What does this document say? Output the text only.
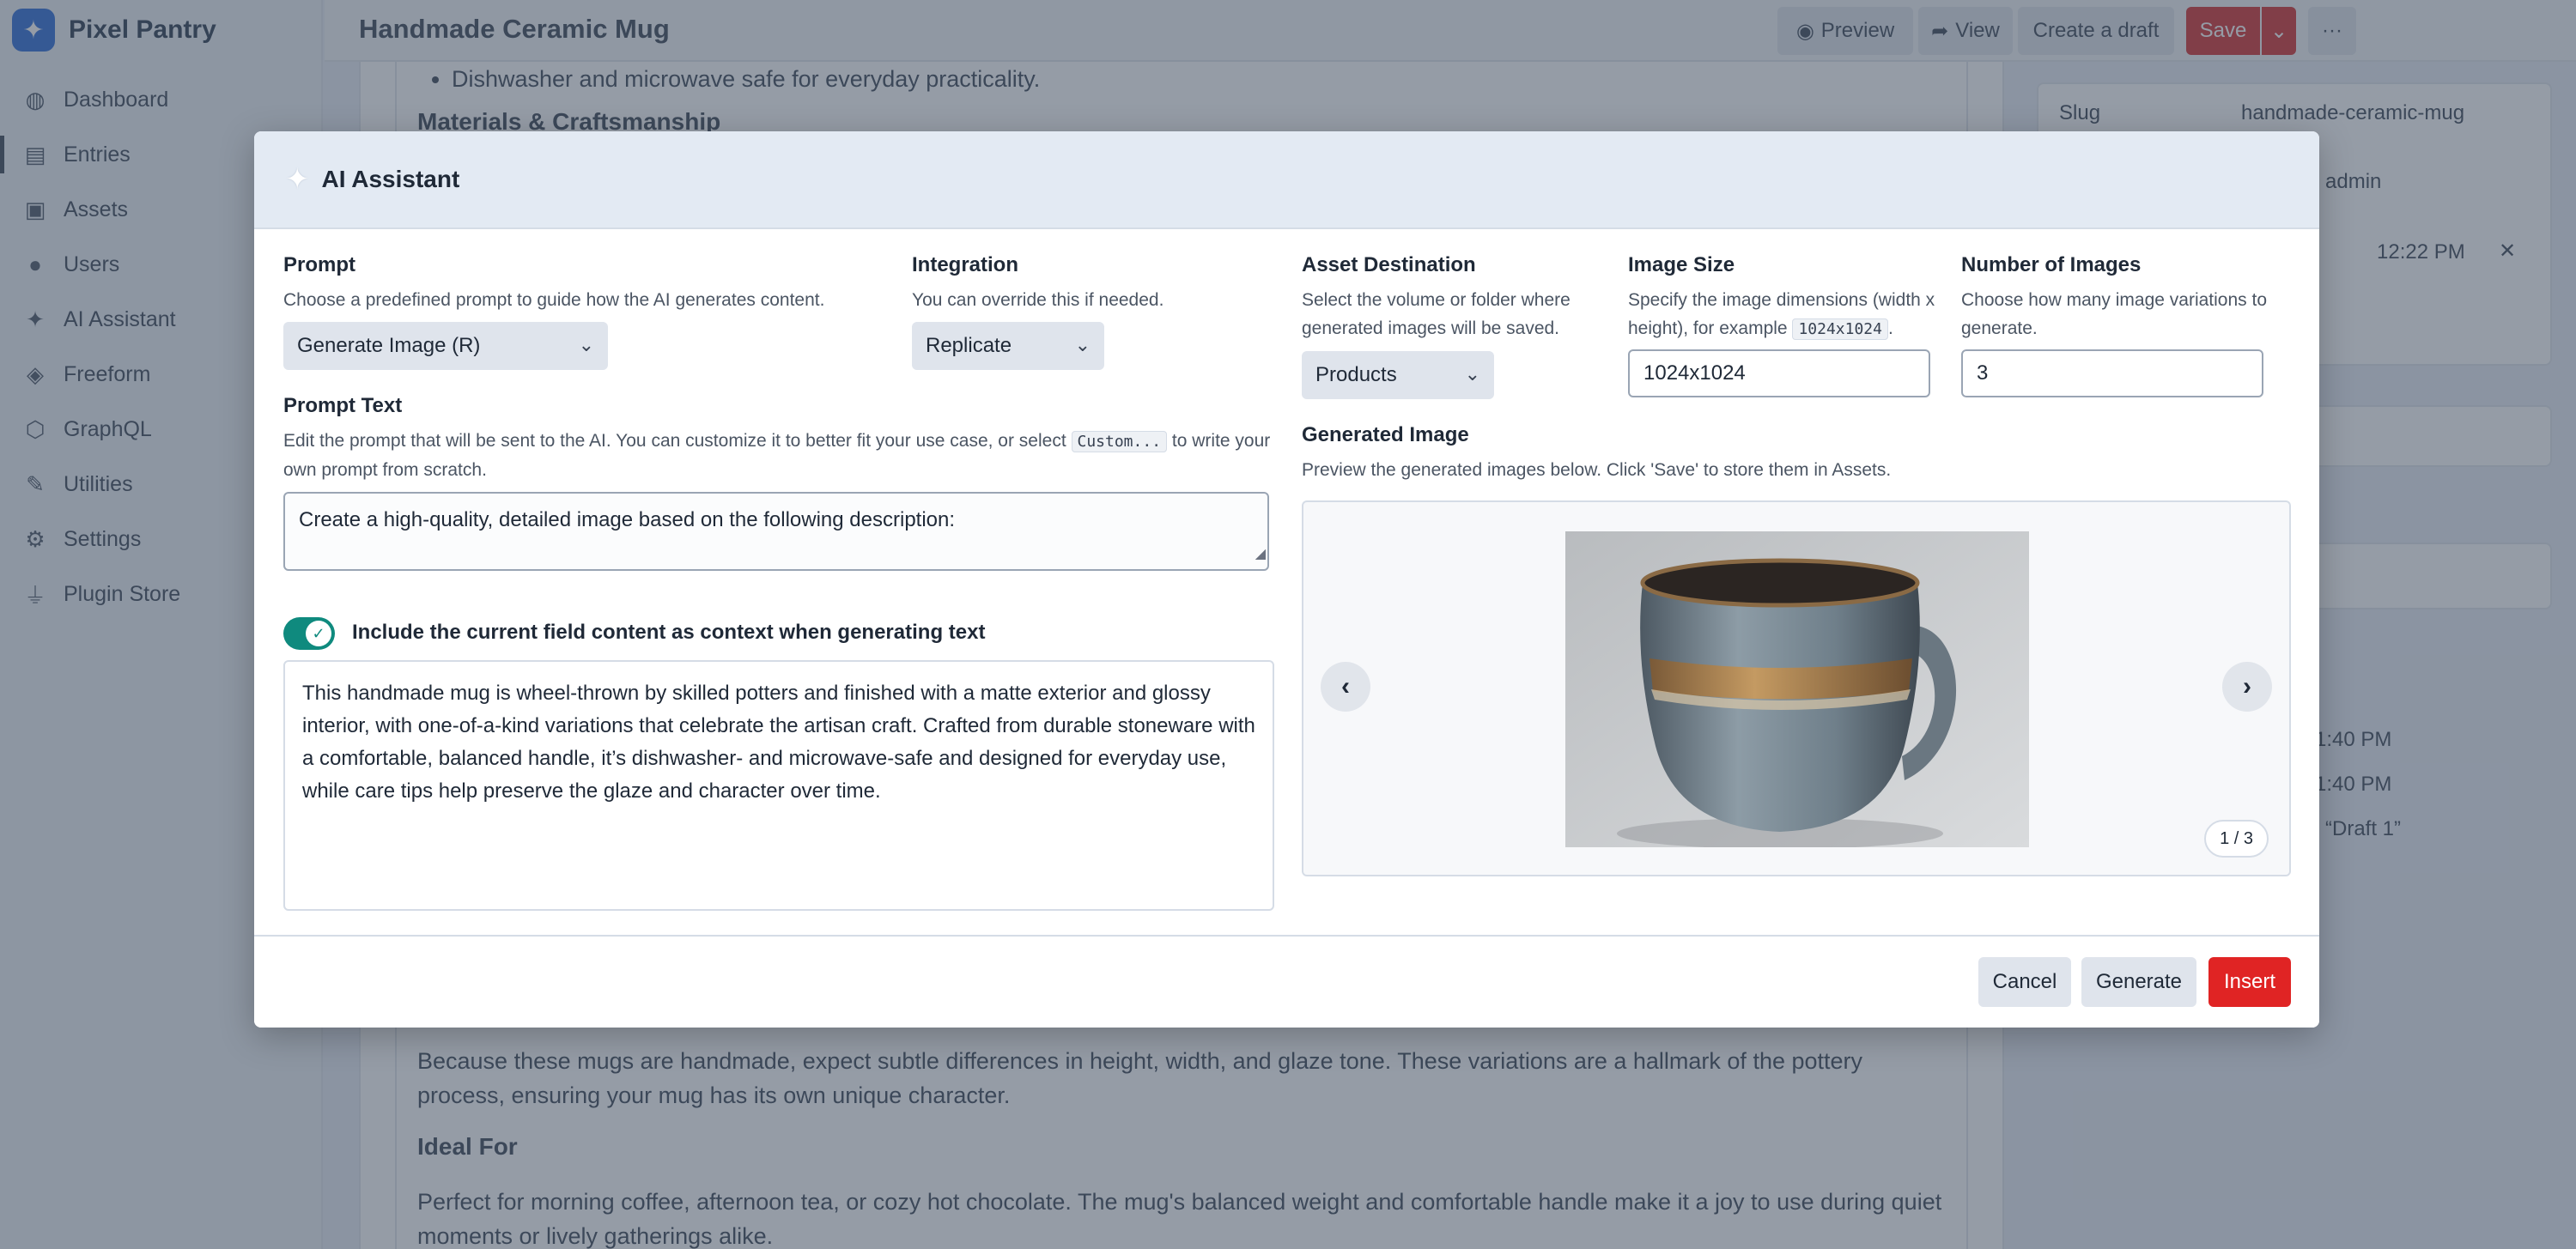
•
✦ AI Assistant
Prompt
Choose a predefined prompt to guide how the AI generates content.
Generate Image (R)	⌄
Integration
You can override this if needed.
Replicate	⌄
Asset Destination
Select the volume or folder where generated images will be saved.
Products	⌄
Image Size
Specify the image dimensions (width x height), for example 1024x1024 .
1024x1024
Number of Images
Choose how many image variations to generate.
3
Prompt Text
Edit the prompt that will be sent to the AI. You can customize it to better fit your use case, or select Custom... to write your own prompt from scratch.
Create a high-quality, detailed image based on the following description:
◢
✓	Include the current field content as context when generating text
This handmade mug is wheel-thrown by skilled potters and finished with a matte exterior and glossy interior, with one-of-a-kind variations that celebrate the artisan craft. Crafted from durable stoneware with a comfortable, balanced handle, it’s dishwasher- and microwave-safe and designed for everyday use, while care tips help preserve the glaze and character over time.
Generated Image
Preview the generated images below. Click 'Save' to store them in Assets.
‹	›
1 / 3
Cancel	Generate	Insert
